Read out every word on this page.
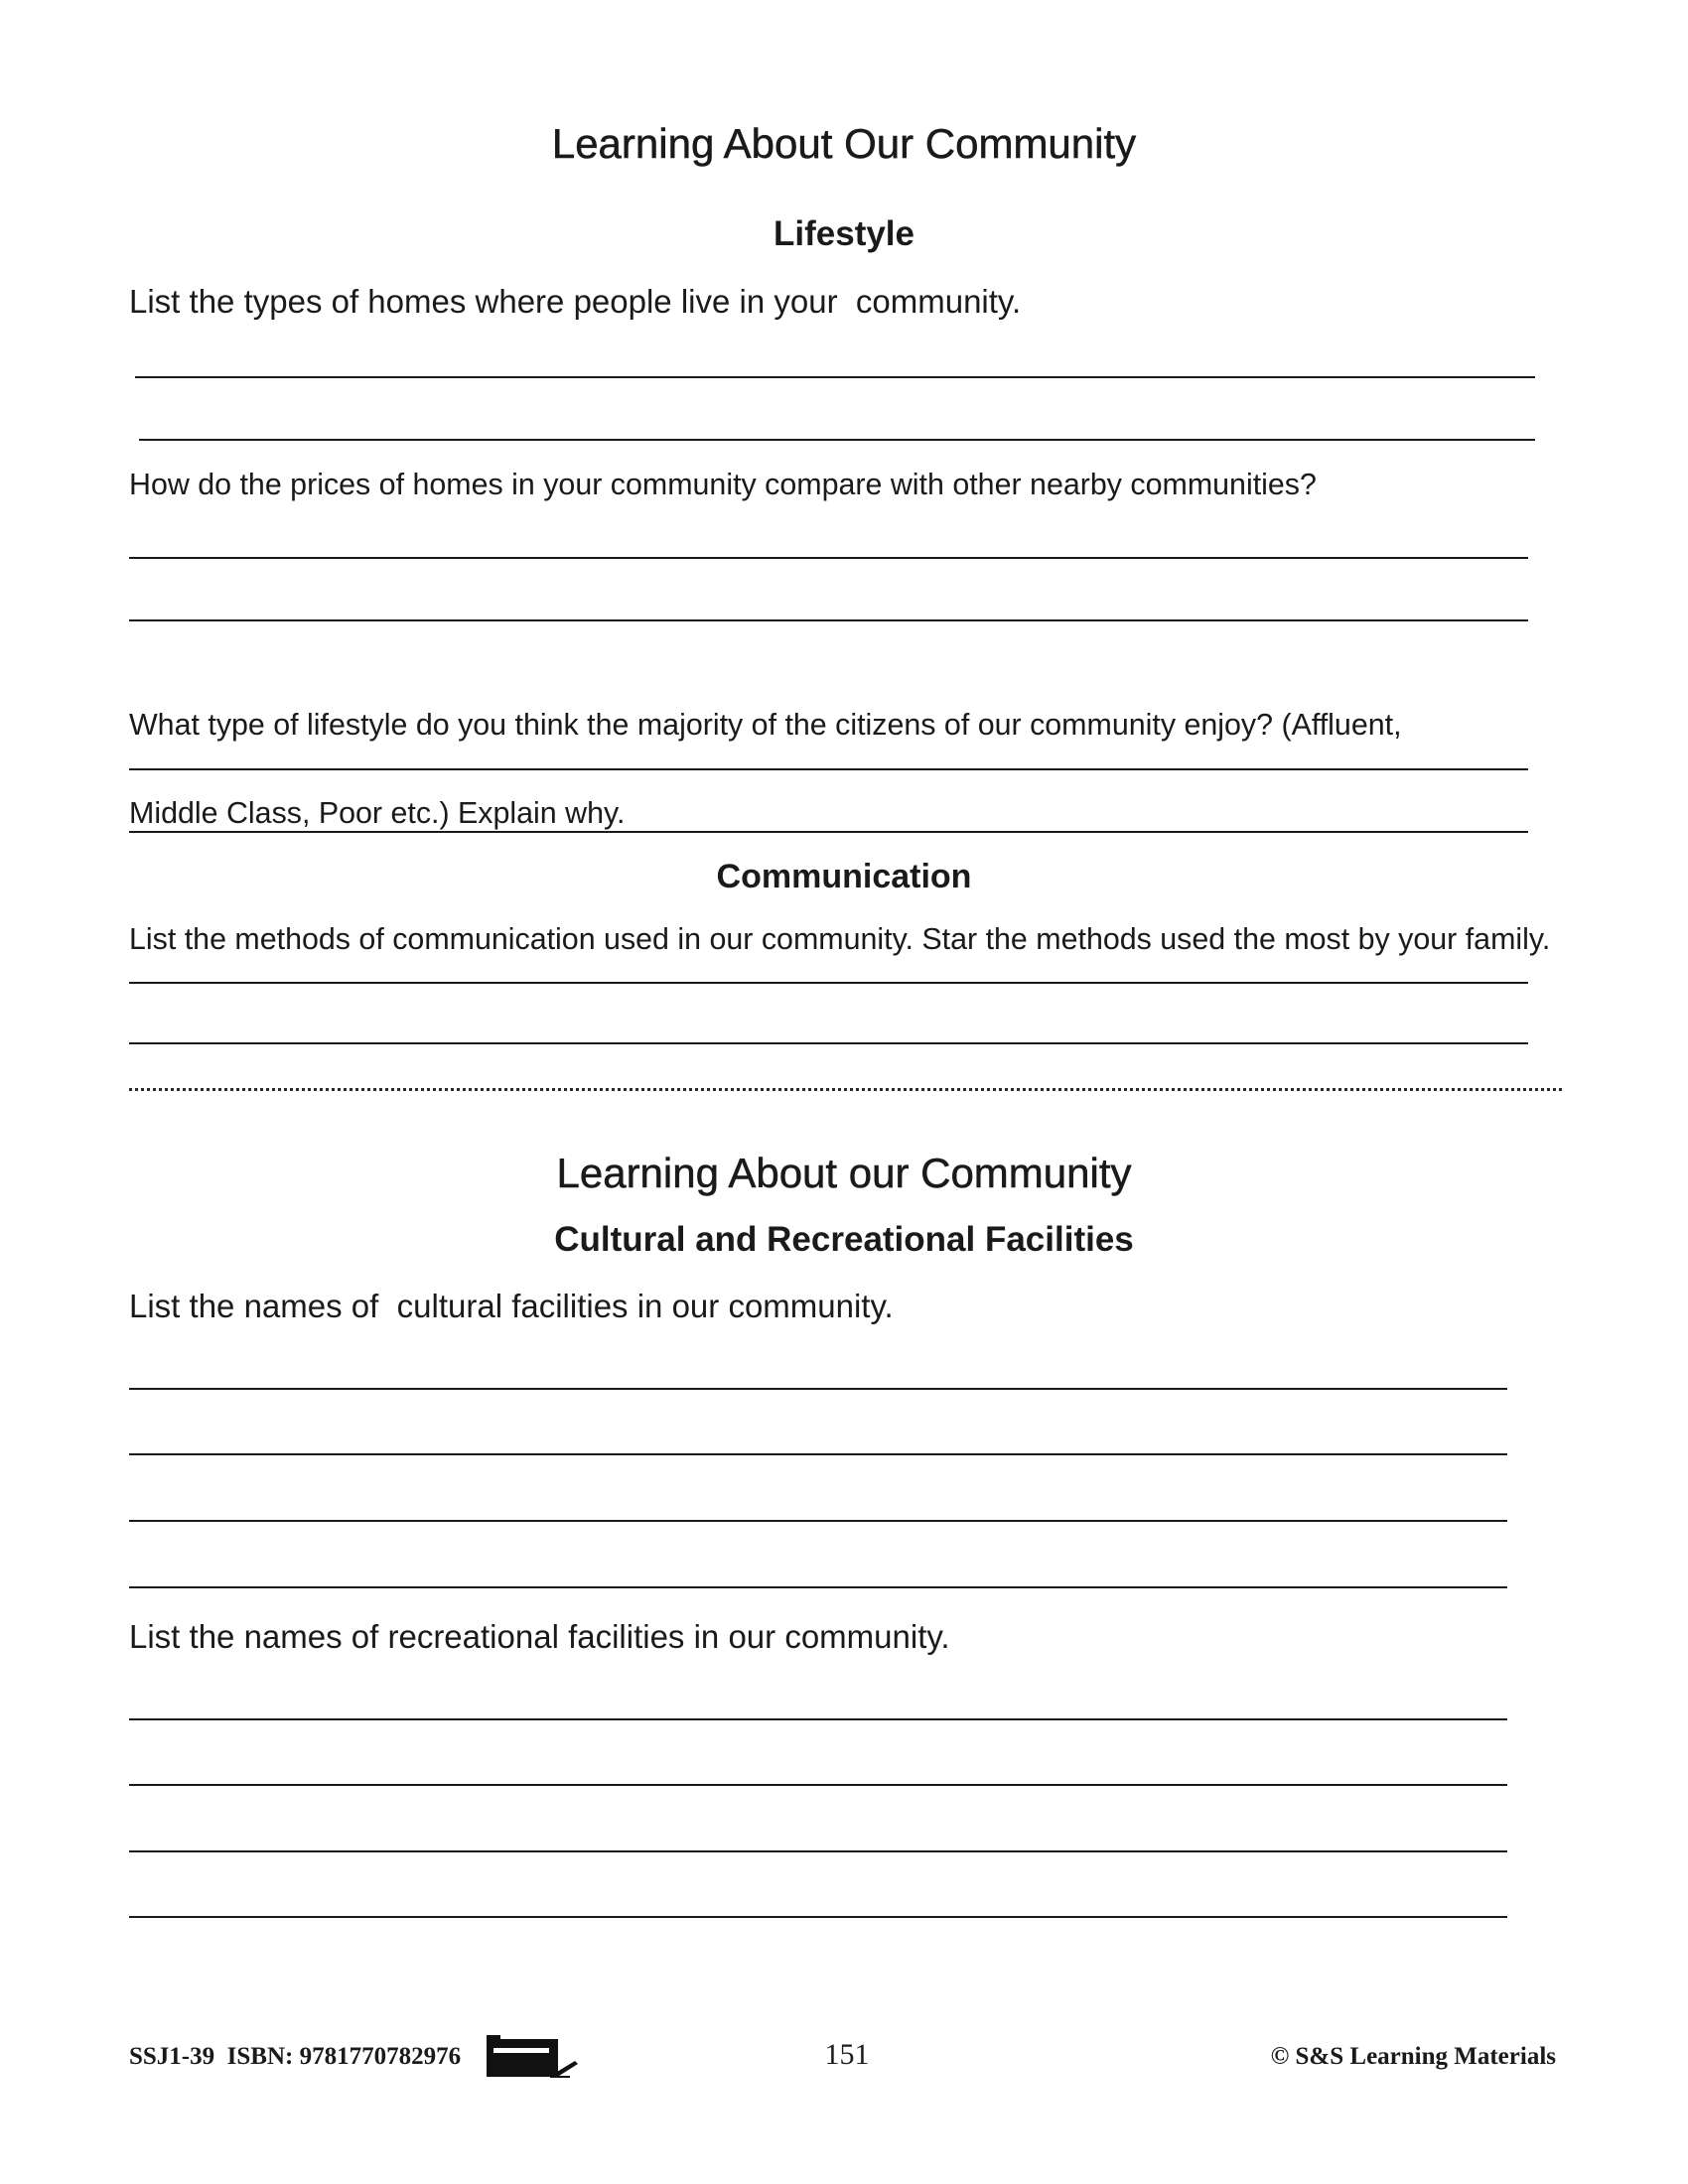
Learning About Our Community
Lifestyle
List the types of homes where people live in your  community.
How do the prices of homes in your community compare with other nearby communities?

What type of lifestyle do you think the majority of the citizens of our community enjoy? (Affluent,

Middle Class, Poor etc.) Explain why.

Communication
List the methods of communication used in our community. Star the methods used the most by your family.
Learning About our Community
Cultural and Recreational Facilities
List the names of  cultural facilities in our community.
List the names of recreational facilities in our community.
SSJ1-39  ISBN: 9781770782976	151	© S&S Learning Materials
